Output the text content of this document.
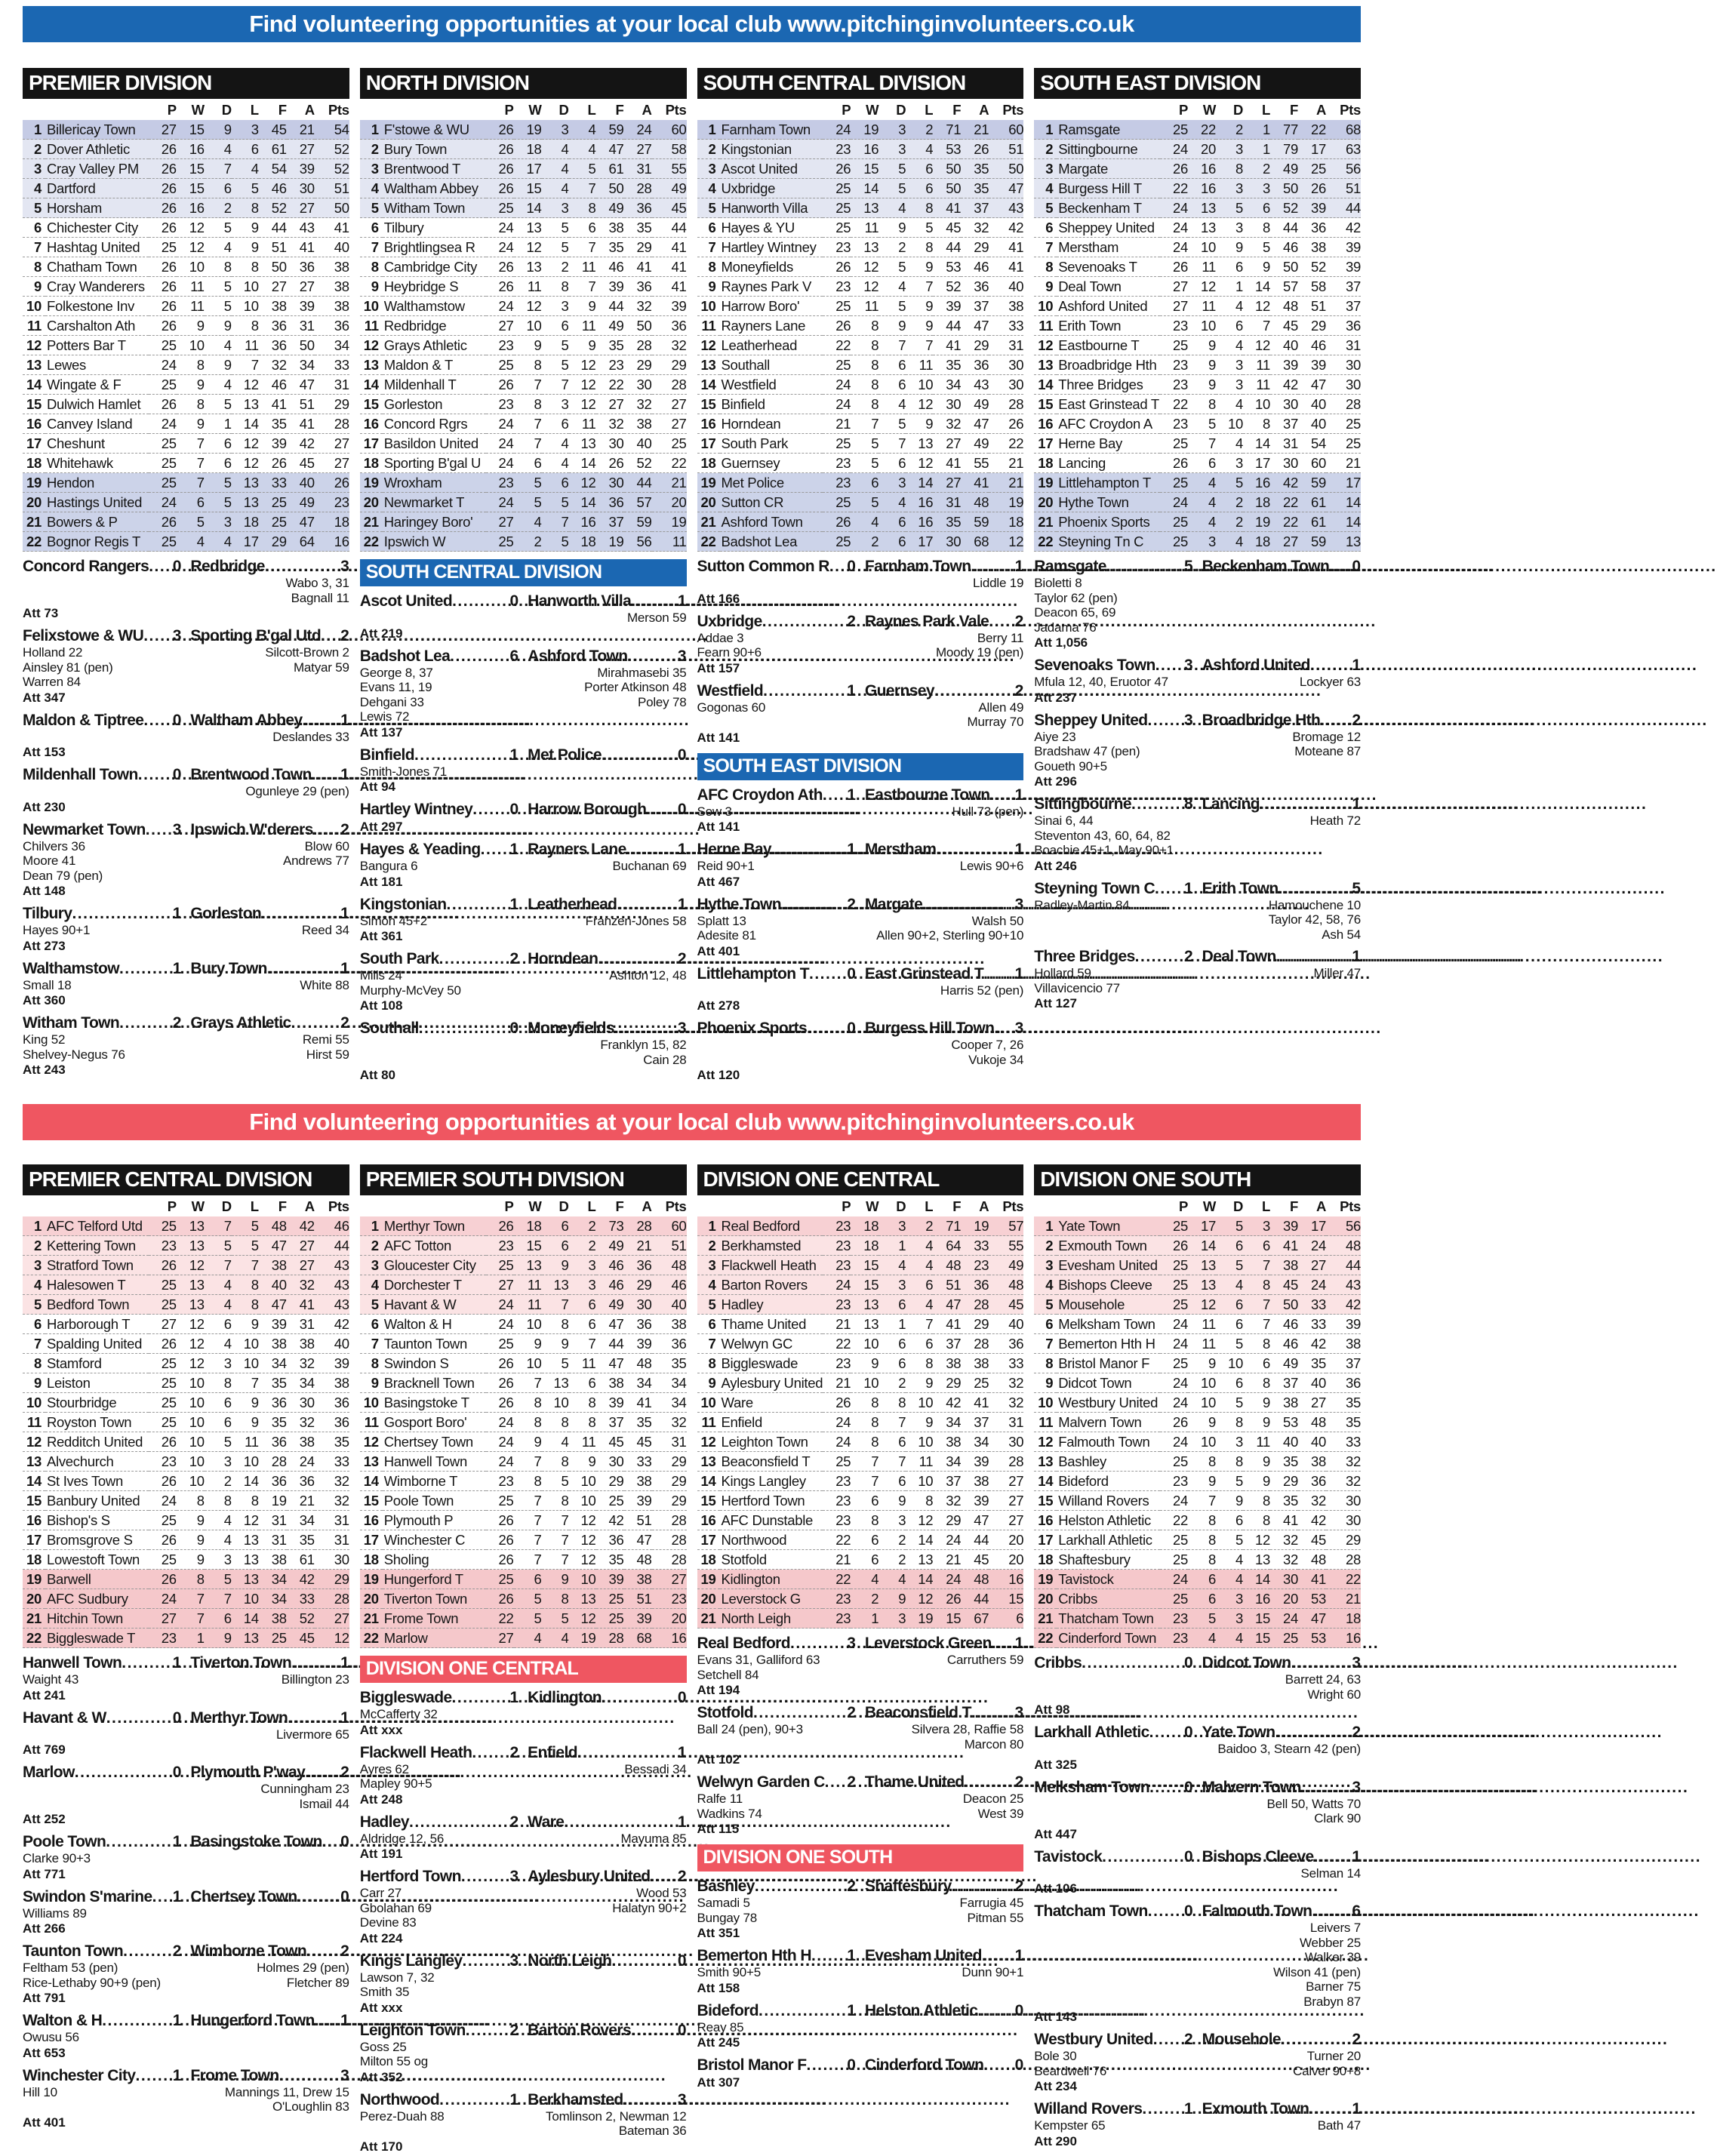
Find volunteering opportunities at your local club www.pitchinginvolunteers.co.uk
PREMIER DIVISION
		P	W	D	L	F	A	Pts
1	Billericay Town	27	15	9	3	45	21	54
2	Dover Athletic	26	16	4	6	61	27	52
3	Cray Valley PM	26	15	7	4	54	39	52
4	Dartford	26	15	6	5	46	30	51
5	Horsham	26	16	2	8	52	27	50
6	Chichester City	26	12	5	9	44	43	41
7	Hashtag United	25	12	4	9	51	41	40
8	Chatham Town	26	10	8	8	50	36	38
9	Cray Wanderers	26	11	5	10	27	27	38
10	Folkestone Inv	26	11	5	10	38	39	38
11	Carshalton Ath	26	9	9	8	36	31	36
12	Potters Bar T	25	10	4	11	36	50	34
13	Lewes	24	8	9	7	32	34	33
14	Wingate & F	25	9	4	12	46	47	31
15	Dulwich Hamlet	26	8	5	13	41	51	29
16	Canvey Island	24	9	1	14	35	41	28
17	Cheshunt	25	7	6	12	39	42	27
18	Whitehawk	25	7	6	12	26	45	27
19	Hendon	25	7	5	13	33	40	26
20	Hastings United	24	6	5	13	25	49	23
21	Bowers & P	26	5	3	18	25	47	18
22	Bognor Regis T	25	4	4	17	29	64	16
Concord Rangers ..... 0 Redbridge .....	3
Wabo 3, 31
Bagnall 11
Att 73
Felixstowe & WU ..... 3 Sporting B'gal Utd ..... 2
Holland 22
Ainsley 81 (pen)
Warren 84
Silcott-Brown 2
Matyar 59
Att 347
Maldon & Tiptree ..... 0 Waltham Abbey ..... 1
Deslandes 33
Att 153
Mildenhall Town ..... 0 Brentwood Town ..... 1
Ogunleye 29 (pen)
Att 230
Newmarket Town ..... 3 Ipswich W'derers ..... 2
Chilvers 36
Moore 41
Dean 79 (pen)
Blow 60
Andrews 77
Att 148
Tilbury .....	1 Gorleston .....	1
Hayes 90+1	Reed 34
Att 273
Walthamstow .....	1 Bury Town .....	1
Small 18	White 88
Att 360
Witham Town .....	2 Grays Athletic .....	2
King 52
Shelvey-Negus 76
Remi 55
Hirst 59
Att 243
NORTH DIVISION
		P	W	D	L	F	A	Pts
1	F'stowe & WU	26	19	3	4	59	24	60
2	Bury Town	26	18	4	4	47	27	58
3	Brentwood T	26	17	4	5	61	31	55
4	Waltham Abbey	26	15	4	7	50	28	49
5	Witham Town	25	14	3	8	49	36	45
6	Tilbury	24	13	5	6	38	35	44
7	Brightlingsea R	24	12	5	7	35	29	41
8	Cambridge City	26	13	2	11	46	41	41
9	Heybridge S	26	11	8	7	39	36	41
10	Walthamstow	24	12	3	9	44	32	39
11	Redbridge	27	10	6	11	49	50	36
12	Grays Athletic	23	9	5	9	35	28	32
13	Maldon & T	25	8	5	12	23	29	29
14	Mildenhall T	26	7	7	12	22	30	28
15	Gorleston	23	8	3	12	27	32	27
16	Concord Rgrs	24	7	6	11	32	38	27
17	Basildon United	24	7	4	13	30	40	25
18	Sporting B'gal U	24	6	4	14	26	52	22
19	Wroxham	23	5	6	12	30	44	21
20	Newmarket T	24	5	5	14	36	57	20
21	Haringey Boro'	27	4	7	16	37	59	19
22	Ipswich W	25	2	5	18	19	56	11
SOUTH CENTRAL DIVISION
Ascot United .....	0 Hanworth Villa .....	1
Merson 59
Att 219
Badshot Lea .....	6 Ashford Town .....	3
George 8, 37
Evans 11, 19
Dehgani 33
Lewis 72
Mirahmasebi 35
Porter Atkinson 48
Poley 78
Att 137
Binfield .....	1 Met Police .....	0
Smith-Jones 71
Att 94
Hartley Wintney ..... 0 Harrow Borough ..... 0
Att 297
Hayes & Yeading ..... 1 Rayners Lane .....	1
Bangura 6	Buchanan 69
Att 181
Kingstonian .....	1 Leatherhead .....	1
Simon 45+2	Franzen-Jones 58
Att 361
South Park .....	2 Horndean .....	2
Mills 24
Murphy-McVey 50
Ashton 12, 48
Att 108
Southall .....	0 Moneyfields .....	3
Franklyn 15, 82
Cain 28
Att 80
SOUTH CENTRAL DIVISION
		P	W	D	L	F	A	Pts
1	Farnham Town	24	19	3	2	71	21	60
2	Kingstonian	23	16	3	4	53	26	51
3	Ascot United	26	15	5	6	50	35	50
4	Uxbridge	25	14	5	6	50	35	47
5	Hanworth Villa	25	13	4	8	41	37	43
6	Hayes & YU	25	11	9	5	45	32	42
7	Hartley Wintney	23	13	2	8	44	29	41
8	Moneyfields	26	12	5	9	53	46	41
9	Raynes Park V	23	12	4	7	52	36	40
10	Harrow Boro'	25	11	5	9	39	37	38
11	Rayners Lane	26	8	9	9	44	47	33
12	Leatherhead	22	8	7	7	41	29	31
13	Southall	25	8	6	11	35	36	30
14	Westfield	24	8	6	10	34	43	30
15	Binfield	24	8	4	12	30	49	28
16	Horndean	21	7	5	9	32	47	26
17	South Park	25	5	7	13	27	49	22
18	Guernsey	23	5	6	12	41	55	21
19	Met Police	23	6	3	14	27	41	21
20	Sutton CR	25	5	4	16	31	48	19
21	Ashford Town	26	4	6	16	35	59	18
22	Badshot Lea	25	2	6	17	30	68	12
Sutton Common R ..... 0 Farnham Town .....	1
Liddle 19
Att 166
Uxbridge .....	2 Raynes Park Vale ..... 2
Addae 3
Fearn 90+6
Berry 11
Moody 19 (pen)
Att 157
Westfield .....	1 Guernsey .....	2
Gogonas 60	Allen 49
Murray 70
Att 141
SOUTH EAST DIVISION
AFC Croydon Ath ..... 1 Eastbourne Town ..... 1
Sow 3	Hull 73 (pen)
Att 141
Herne Bay .....	1 Merstham .....	1
Reid 90+1	Lewis 90+6
Att 467
Hythe Town .....	2 Margate .....	3
Splatt 13
Adesite 81
Walsh 50
Allen 90+2, Sterling 90+10
Att 401
Littlehampton T ..... 0 East Grinstead T ..... 1
Harris 52 (pen)
Att 278
Phoenix Sports .....	0 Burgess Hill Town ..... 3
Cooper 7, 26
Vukoje 34
Att 120
SOUTH EAST DIVISION
		P	W	D	L	F	A	Pts
1	Ramsgate	25	22	2	1	77	22	68
2	Sittingbourne	24	20	3	1	79	17	63
3	Margate	26	16	8	2	49	25	56
4	Burgess Hill T	22	16	3	3	50	26	51
5	Beckenham T	24	13	5	6	52	39	44
6	Sheppey United	24	13	3	8	44	36	42
7	Merstham	24	10	9	5	46	38	39
8	Sevenoaks T	26	11	6	9	50	52	39
9	Deal Town	27	12	1	14	57	58	37
10	Ashford United	27	11	4	12	48	51	37
11	Erith Town	23	10	6	7	45	29	36
12	Eastbourne T	25	9	4	12	40	46	31
13	Broadbridge Hth	23	9	3	11	39	39	30
14	Three Bridges	23	9	3	11	42	47	30
15	East Grinstead T	22	8	4	10	30	40	28
16	AFC Croydon A	23	5	10	8	37	40	25
17	Herne Bay	25	7	4	14	31	54	25
18	Lancing	26	6	3	17	30	60	21
19	Littlehampton T	25	4	5	16	42	59	17
20	Hythe Town	24	4	2	18	22	61	14
21	Phoenix Sports	25	4	2	19	22	61	14
22	Steyning Tn C	25	3	4	18	27	59	13
Ramsgate .....	5 Beckenham Town ..... 0
Bioletti 8
Taylor 62 (pen)
Deacon 65, 69
Jadama 76
Att 1,056
Sevenoaks Town ..... 3 Ashford United .....	1
Mfula 12, 40, Eruotor 47	Lockyer 63
Att 237
Sheppey United ..... 3 Broadbridge Hth ..... 2
Aiye 23
Bradshaw 47 (pen)
Goueth 90+5
Bromage 12
Moteane 87
Att 296
Sittingbourne .....	8 Lancing .....	1
Sinai 6, 44
Steventon 43, 60, 64, 82
Boachie 45+1, May 90+1
Heath 72
Att 246
Steyning Town C ..... 1 Erith Town .....	5
Radley-Martin 84	Hamouchene 10
Taylor 42, 58, 76
Ash 54
Three Bridges .....	2 Deal Town .....	1
Hollard 59
Villavicencio 77
Miller 47
Att 127
Find volunteering opportunities at your local club www.pitchinginvolunteers.co.uk
PREMIER CENTRAL DIVISION
		P	W	D	L	F	A	Pts
1	AFC Telford Utd	25	13	7	5	48	42	46
2	Kettering Town	23	13	5	5	47	27	44
3	Stratford Town	26	12	7	7	38	27	43
4	Halesowen T	25	13	4	8	40	32	43
5	Bedford Town	25	13	4	8	47	41	43
6	Harborough T	27	12	6	9	39	31	42
7	Spalding United	26	12	4	10	38	38	40
8	Stamford	25	12	3	10	34	32	39
9	Leiston	25	10	8	7	35	34	38
10	Stourbridge	25	10	6	9	36	30	36
11	Royston Town	25	10	6	9	35	32	36
12	Redditch United	26	10	5	11	36	38	35
13	Alvechurch	23	10	3	10	28	24	33
14	St Ives Town	26	10	2	14	36	36	32
15	Banbury United	24	8	8	8	19	21	32
16	Bishop's S	25	9	4	12	31	34	31
17	Bromsgrove S	26	9	4	13	31	35	31
18	Lowestoft Town	25	9	3	13	38	61	30
19	Barwell	26	8	5	13	34	42	29
20	AFC Sudbury	24	7	7	10	34	33	28
21	Hitchin Town	27	7	6	14	38	52	27
22	Biggleswade T	23	1	9	13	25	45	12
Hanwell Town .....	1 Tiverton Town .....	1
Waight 43	Billington 23
Att 241
Havant & W .....	0 Merthyr Town .....	1
Livermore 65
Att 769
Marlow .....	0 Plymouth P'way ..... 2
Cunningham 23
Ismail 44
Att 252
Poole Town .....	1 Basingstoke Town ..... 0
Clarke 90+3
Att 771
Swindon S'marine ..... 1 Chertsey Town .....	0
Williams 89
Att 266
Taunton Town .....	2 Wimborne Town ..... 2
Feltham 53 (pen)
Rice-Lethaby 90+9 (pen)
Holmes 29 (pen)
Fletcher 89
Att 791
Walton & H .....	1 Hungerford Town ..... 1
Owusu 56
Att 653
Winchester City ..... 1 Frome Town .....	3
Hill 10	Mannings 11, Drew 15
O'Loughlin 83
Att 401
PREMIER SOUTH DIVISION
		P	W	D	L	F	A	Pts
1	Merthyr Town	26	18	6	2	73	28	60
2	AFC Totton	23	15	6	2	49	21	51
3	Gloucester City	25	13	9	3	46	36	48
4	Dorchester T	27	11	13	3	46	29	46
5	Havant & W	24	11	7	6	49	30	40
6	Walton & H	24	10	8	6	47	36	38
7	Taunton Town	25	9	9	7	44	39	36
8	Swindon S	26	10	5	11	47	48	35
9	Bracknell Town	26	7	13	6	38	34	34
10	Basingstoke T	26	8	10	8	39	41	34
11	Gosport Boro'	24	8	8	8	37	35	32
12	Chertsey Town	24	9	4	11	45	45	31
13	Hanwell Town	24	7	8	9	30	33	29
14	Wimborne T	23	8	5	10	29	38	29
15	Poole Town	25	7	8	10	25	39	29
16	Plymouth P	26	7	7	12	42	51	28
17	Winchester C	26	7	7	12	36	47	28
18	Sholing	26	7	7	12	35	48	28
19	Hungerford T	25	6	9	10	39	38	27
20	Tiverton Town	26	5	8	13	25	51	23
21	Frome Town	22	5	5	12	25	39	20
22	Marlow	27	4	4	19	28	68	16
DIVISION ONE CENTRAL
Biggleswade .....	1 Kidlington .....	0
McCafferty 32
Att xxx
Flackwell Heath ..... 2 Enfield .....	1
Ayres 62
Mapley 90+5
Bessadi 34
Att 248
Hadley .....	2 Ware .....	1
Aldridge 12, 56	Mayuma 85
Att 191
Hertford Town .....	3 Aylesbury United ..... 2
Carr 27
Gbolahan 69
Devine 83
Wood 53
Halatyn 90+2
Att 224
Kings Langley .....	3 North Leigh .....	0
Lawson 7, 32
Smith 35
Att xxx
Leighton Town .....	2 Barton Rovers .....	0
Goss 25
Milton 55 og
Att 352
Northwood .....	1 Berkhamsted .....	3
Perez-Duah 88	Tomlinson 2, Newman 12
Bateman 36
Att 170
DIVISION ONE CENTRAL
		P	W	D	L	F	A	Pts
1	Real Bedford	23	18	3	2	71	19	57
2	Berkhamsted	23	18	1	4	64	33	55
3	Flackwell Heath	23	15	4	4	48	23	49
4	Barton Rovers	24	15	3	6	51	36	48
5	Hadley	23	13	6	4	47	28	45
6	Thame United	21	13	1	7	41	29	40
7	Welwyn GC	22	10	6	6	37	28	36
8	Biggleswade	23	9	6	8	38	38	33
9	Aylesbury United	21	10	2	9	29	25	32
10	Ware	26	8	8	10	42	41	32
11	Enfield	24	8	7	9	34	37	31
12	Leighton Town	24	8	6	10	38	34	30
13	Beaconsfield T	25	7	7	11	34	39	28
14	Kings Langley	23	7	6	10	37	38	27
15	Hertford Town	23	6	9	8	32	39	27
16	AFC Dunstable	23	8	3	12	29	47	27
17	Northwood	22	6	2	14	24	44	20
18	Stotfold	21	6	2	13	21	45	20
19	Kidlington	22	4	4	14	24	48	16
20	Leverstock G	23	2	9	12	26	44	15
21	North Leigh	23	1	3	19	15	67	6
Real Bedford .....	3 Leverstock Green ..... 1
Evans 31, Galliford 63
Setchell 84
Carruthers 59
Att 194
Stotfold .....	2 Beaconsfield T .....	3
Ball 24 (pen), 90+3	Silvera 28, Raffie 58
Marcon 80
Att 102
Welwyn Garden C ..... 2 Thame United .....	2
Ralfe 11
Wadkins 74
Deacon 25
West 39
Att 115
DIVISION ONE SOUTH
Bashley .....	2 Shaftesbury .....	2
Samadi 5
Bungay 78
Farrugia 45
Pitman 55
Att 351
Bemerton Hth H ..... 1 Evesham United ..... 1
Smith 90+5	Dunn 90+1
Att 158
Bideford .....	1 Helston Athletic ..... 0
Reay 85
Att 245
Bristol Manor F .....	0 Cinderford Town ..... 0
Att 307
DIVISION ONE SOUTH
		P	W	D	L	F	A	Pts
1	Yate Town	25	17	5	3	39	17	56
2	Exmouth Town	26	14	6	6	41	24	48
3	Evesham United	25	13	5	7	38	27	44
4	Bishops Cleeve	25	13	4	8	45	24	43
5	Mousehole	25	12	6	7	50	33	42
6	Melksham Town	24	11	6	7	46	33	39
7	Bemerton Hth H	24	11	5	8	46	42	38
8	Bristol Manor F	25	9	10	6	49	35	37
9	Didcot Town	24	10	6	8	37	40	36
10	Westbury United	24	10	5	9	38	27	35
11	Malvern Town	26	9	8	9	53	48	35
12	Falmouth Town	24	10	3	11	40	40	33
13	Bashley	25	8	8	9	35	38	32
14	Bideford	23	9	5	9	29	36	32
15	Willand Rovers	24	7	9	8	35	32	30
16	Helston Athletic	22	8	6	8	41	42	30
17	Larkhall Athletic	25	8	5	12	32	45	29
18	Shaftesbury	25	8	4	13	32	48	28
19	Tavistock	24	6	4	14	30	41	22
20	Cribbs	25	6	3	16	20	53	21
21	Thatcham Town	23	5	3	15	24	47	18
22	Cinderford Town	23	4	4	15	25	53	16
Cribbs .....	0 Didcot Town .....	3
Barrett 24, 63
Wright 60
Att 98
Larkhall Athletic ..... 0 Yate Town .....	2
Baidoo 3, Stearn 42 (pen)
Att 325
Melksham Town ..... 0 Malvern Town .....	3
Bell 50, Watts 70
Clark 90
Att 447
Tavistock .....	0 Bishops Cleeve ..... 1
Selman 14
Att 106
Thatcham Town ..... 0 Falmouth Town .....	6
Leivers 7
Webber 25
Walker 39
Wilson 41 (pen)
Barner 75
Brabyn 87
Att 143
Westbury United ..... 2 Mousehole .....	2
Bole 30
Beardwell 76
Turner 20
Calver 90+8
Att 234
Willand Rovers .....	1 Exmouth Town .....	1
Kempster 65	Bath 47
Att 290
